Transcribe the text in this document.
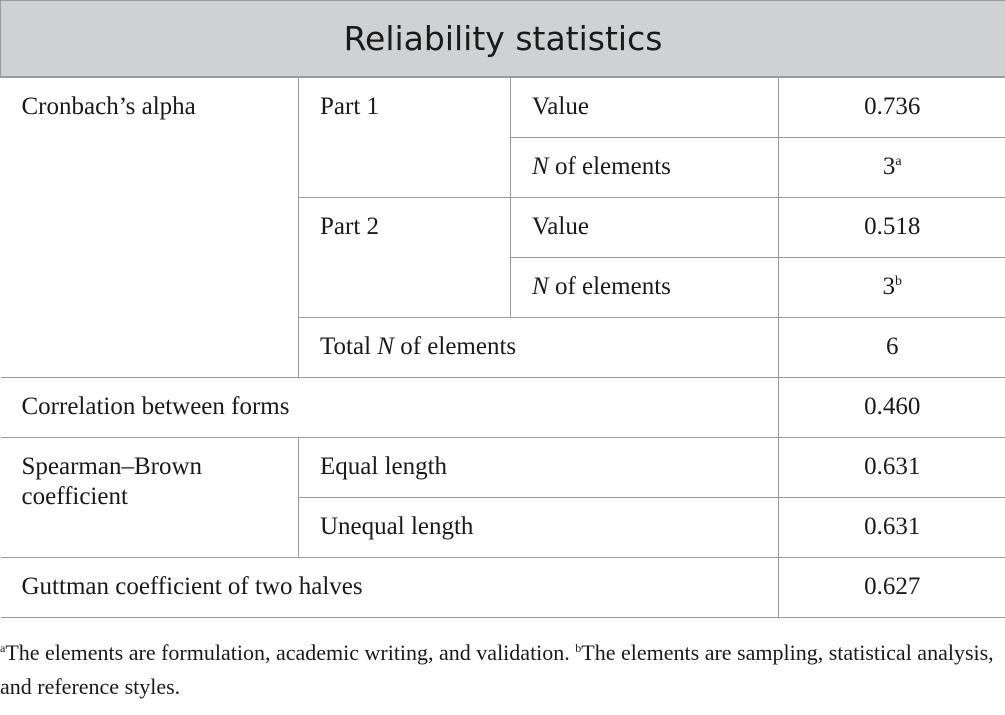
Reliability statistics			
Cronbach’s alpha	Part 1	Value	0.736
		N of elements	3$^a$
	Part 2	Value	0.518
		N of elements	3$^b$
	Total N of elements		6
Correlation between forms			0.460
Spearman–Brown coefficient	Equal length		0.631
	Unequal length		0.631
Guttman coefficient of two halves			0.627
$^a$The elements are formulation, academic writing, and validation. $^b$The elements are sampling, statistical analysis, and reference styles.
